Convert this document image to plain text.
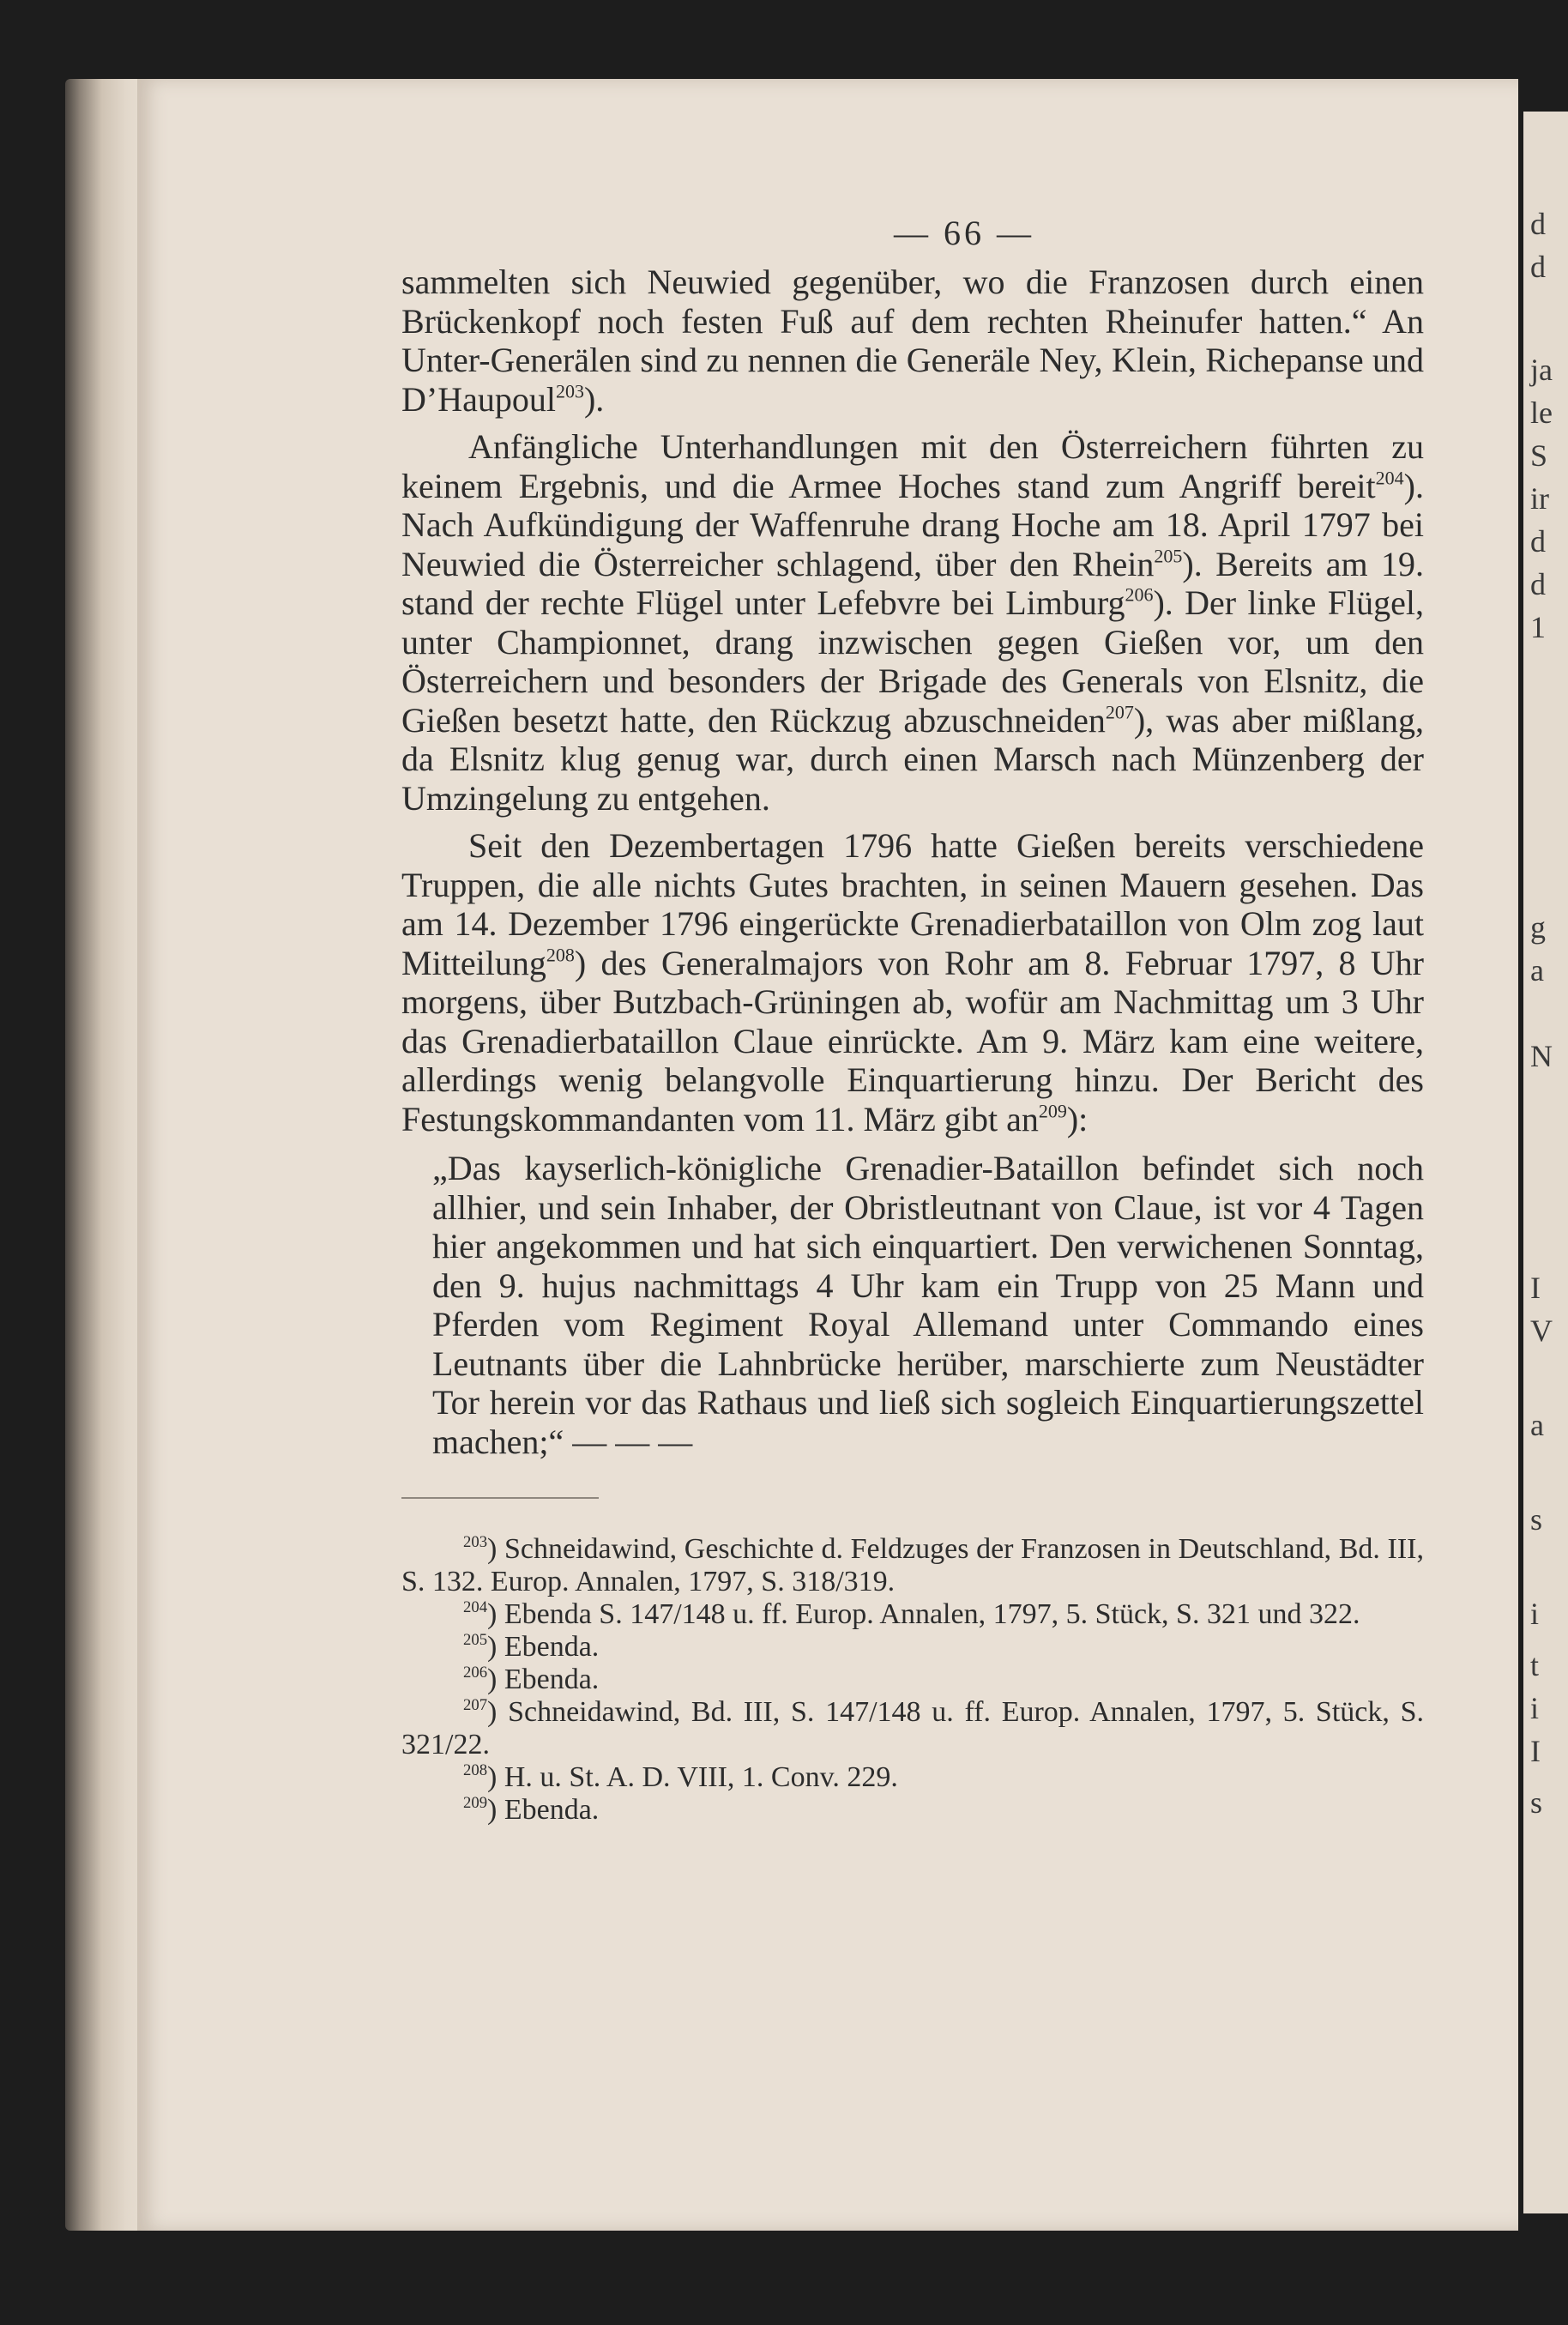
d
d
ja
le
S
ir
d
d
1
g
a
N
I
V
a
s
i
t
i
I
s
— 66 —

sammelten sich Neuwied gegenüber, wo die Franzosen durch einen Brückenkopf noch festen Fuß auf dem rechten Rheinufer hatten.“ An Unter-Generälen sind zu nennen die Generäle Ney, Klein, Richepanse und D’Haupoul$^{203}$).

Anfängliche Unterhandlungen mit den Österreichern führten zu keinem Ergebnis, und die Armee Hoches stand zum Angriff bereit$^{204}$). Nach Aufkündigung der Waffenruhe drang Hoche am 18. April 1797 bei Neuwied die Österreicher schlagend, über den Rhein$^{205}$). Bereits am 19. stand der rechte Flügel unter Lefebvre bei Limburg$^{206}$). Der linke Flügel, unter Championnet, drang inzwischen gegen Gießen vor, um den Österreichern und besonders der Brigade des Generals von Elsnitz, die Gießen besetzt hatte, den Rückzug abzuschneiden$^{207}$), was aber mißlang, da Elsnitz klug genug war, durch einen Marsch nach Münzenberg der Umzingelung zu entgehen.

Seit den Dezembertagen 1796 hatte Gießen bereits verschiedene Truppen, die alle nichts Gutes brachten, in seinen Mauern gesehen. Das am 14. Dezember 1796 eingerückte Grenadierbataillon von Olm zog laut Mitteilung$^{208}$) des Generalmajors von Rohr am 8. Februar 1797, 8 Uhr morgens, über Butzbach-Grüningen ab, wofür am Nachmittag um 3 Uhr das Grenadierbataillon Claue einrückte. Am 9. März kam eine weitere, allerdings wenig belangvolle Einquartierung hinzu. Der Bericht des Festungskommandanten vom 11. März gibt $an^{209}$):

„Das kayserlich-königliche Grenadier-Bataillon befindet sich noch allhier, und sein Inhaber, der Obristleutnant von Claue, ist vor 4 Tagen hier angekommen und hat sich einquartiert. Den verwichenen Sonntag, den 9. hujus nachmittags 4 Uhr kam ein Trupp von 25 Mann und Pferden vom Regiment Royal Allemand unter Commando eines Leutnants über die Lahnbrücke herüber, marschierte zum Neustädter Tor herein vor das Rathaus und ließ sich sogleich Einquartierungszettel machen;“ — — —

$^{203}$) Schneidawind, Geschichte d. Feldzuges der Franzosen in Deutschland, Bd. III, S. 132. Europ. Annalen, 1797, S. 318/319.

$^{204}$) Ebenda S. 147/148 u. ff. Europ. Annalen, 1797, 5. Stück, S. 321 und 322.

$^{205}$) Ebenda.

$^{206}$) Ebenda.

$^{207}$) Schneidawind, Bd. III, S. 147/148 u. ff. Europ. Annalen, 1797, 5. Stück, S. 321/22.

$^{208}$) H. u. St. A. D. VIII, 1. Conv. 229.

$^{209}$) Ebenda.
